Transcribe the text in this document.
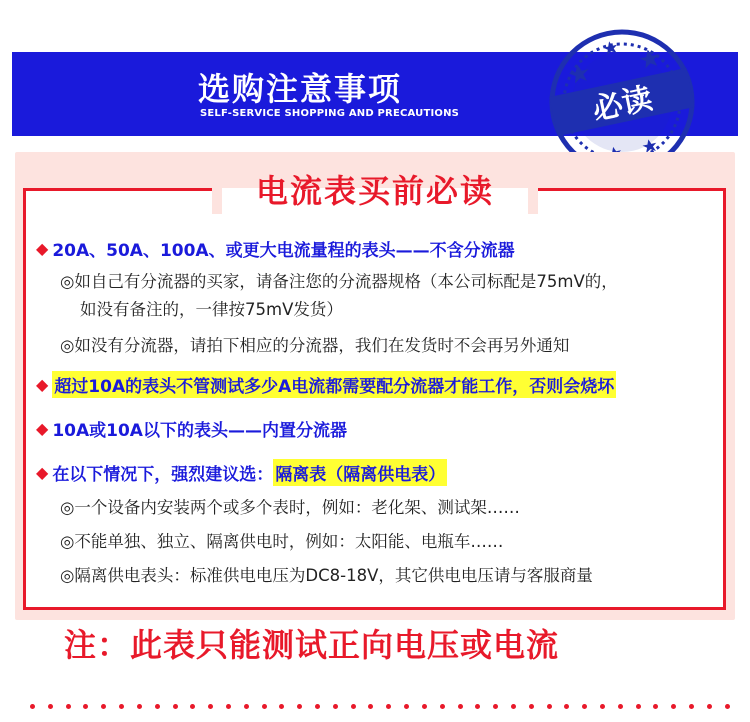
选购注意事项
SELF-SERVICE SHOPPING AND PRECAUTIONS	必读
电流表买前必读
◆ 20A、50A、100A、或更大电流量程的表头——不含分流器
◎如自己有分流器的买家，请备注您的分流器规格（本公司标配是75mV的，
如没有备注的，一律按75mV发货）
◎如没有分流器，请拍下相应的分流器，我们在发货时不会再另外通知
◆ 超过10A的表头不管测试多少A电流都需要配分流器才能工作，否则会烧坏
◆ 10A或10A以下的表头——内置分流器
◆ 在以下情况下，强烈建议选： 隔离表（隔离供电表）
◎一个设备内安装两个或多个表时，例如：老化架、测试架……
◎不能单独、独立、隔离供电时，例如：太阳能、电瓶车……
◎隔离供电表头：标准供电电压为DC8-18V，其它供电电压请与客服商量
注：此表只能测试正向电压或电流
